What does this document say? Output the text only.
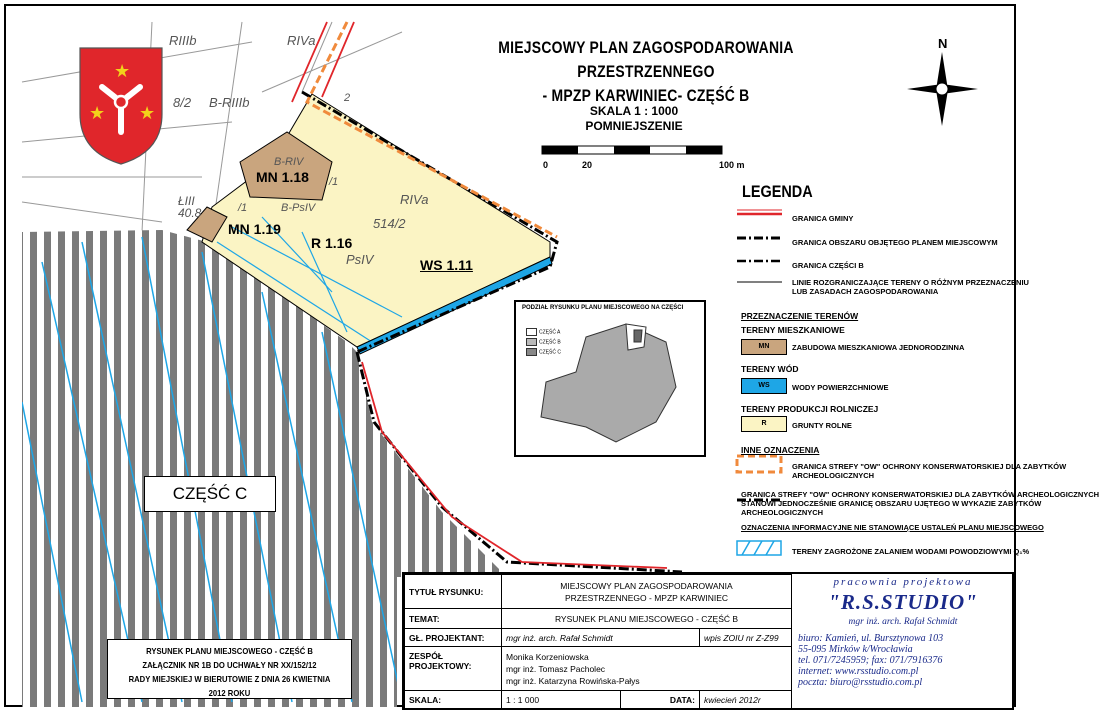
★
★ ★
MN 1.18
MN 1.19
R 1.16
WS 1.11
RIIIb	RIVa
8/2 B-RIIIb
RIVa
514/2
PsIV
ŁIII
40.8	B-PsIV
B-RIV
2
/1
/1
CZĘŚĆ C
MIEJSCOWY PLAN ZAGOSPODAROWANIA PRZESTRZENNEGO
- MPZP KARWINIEC- CZĘŚĆ B
SKALA 1 : 1000
POMNIEJSZENIE
0	20	100 m
N
LEGENDA
GRANICA GMINY
GRANICA OBSZARU OBJĘTEGO PLANEM MIEJSCOWYM
GRANICA CZĘŚCI B
LINIE ROZGRANICZAJĄCE TERENY O RÓŻNYM PRZEZNACZENIU
LUB ZASADACH ZAGOSPODAROWANIA
PRZEZNACZENIE TERENÓW
TERENY MIESZKANIOWE
MN	ZABUDOWA MIESZKANIOWA JEDNORODZINNA
TERENY WÓD
WS	WODY POWIERZCHNIOWE
TERENY PRODUKCJI ROLNICZEJ
R	GRUNTY ROLNE
INNE OZNACZENIA
GRANICA STREFY "OW" OCHRONY KONSERWATORSKIEJ DLA ZABYTKÓW
ARCHEOLOGICZNYCH
GRANICA STREFY "OW" OCHRONY KONSERWATORSKIEJ DLA ZABYTKÓW ARCHEOLOGICZNYCH
STANOWI JEDNOCZEŚNIE GRANICĘ OBSZARU UJĘTEGO W WYKAZIE ZABYTKÓW
ARCHEOLOGICZNYCH
OZNACZENIA INFORMACYJNE NIE STANOWIĄCE USTALEŃ PLANU MIEJSCOWEGO
TERENY ZAGROŻONE ZALANIEM WODAMI POWODZIOWYMI Q₁%
PODZIAŁ RYSUNKU PLANU MIEJSCOWEGO NA CZĘŚCI
CZĘŚĆ A
CZĘŚĆ B
CZĘŚĆ C
RYSUNEK PLANU MIEJSCOWEGO - CZĘŚĆ B
ZAŁĄCZNIK NR 1B DO UCHWAŁY NR XX/152/12
RADY MIEJSKIEJ W BIERUTOWIE Z DNIA 26 KWIETNIA 2012 ROKU
TYTUŁ RYSUNKU:	MIEJSCOWY PLAN ZAGOSPODAROWANIA
PRZESTRZENNEGO - MPZP KARWINIEC		

TEMAT:	RYSUNEK PLANU MIEJSCOWEGO - CZĘŚĆ B		
GŁ. PROJEKTANT:	mgr inż. arch. Rafał Schmidt		wpis ZOIU nr Z-Z99
ZESPÓŁ PROJEKTOWY:	Monika Korzeniowska
mgr inż. Tomasz Pacholec
mgr inż. Katarzyna Rowińska-Pałys		

SKALA:	1 : 1 000	DATA:	kwiecień 2012r
pracownia projektowa
"R.S.STUDIO"
mgr inż. arch. Rafał Schmidt
biuro: Kamień, ul. Bursztynowa 103
55-095 Mirków k/Wrocławia
tel. 071/7245959; fax: 071/7916376
internet: www.rsstudio.com.pl
poczta: biuro@rsstudio.com.pl
